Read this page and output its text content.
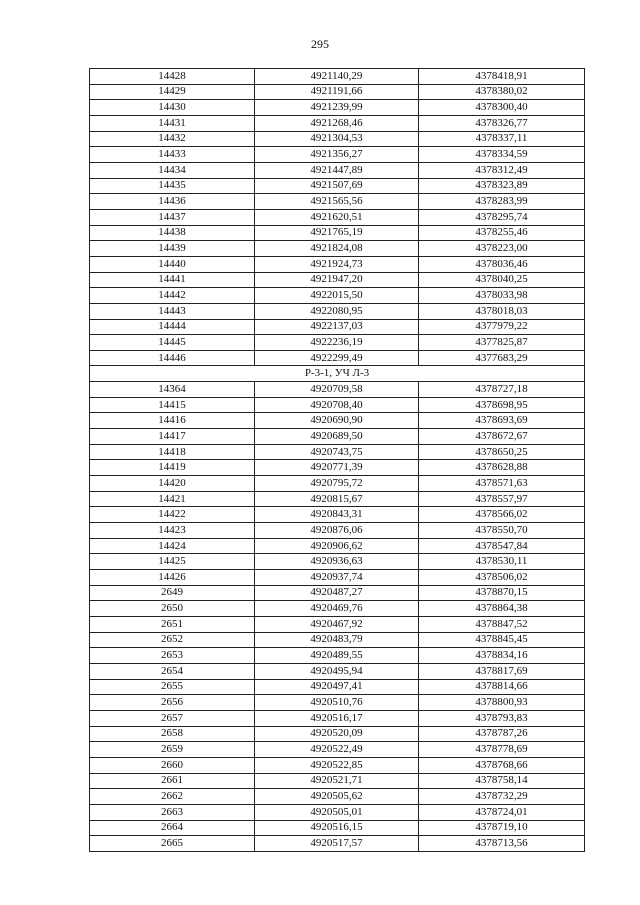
295
14428	4921140,29	4378418,91
14429	4921191,66	4378380,02
14430	4921239,99	4378300,40
14431	4921268,46	4378326,77
14432	4921304,53	4378337,11
14433	4921356,27	4378334,59
14434	4921447,89	4378312,49
14435	4921507,69	4378323,89
14436	4921565,56	4378283,99
14437	4921620,51	4378295,74
14438	4921765,19	4378255,46
14439	4921824,08	4378223,00
14440	4921924,73	4378036,46
14441	4921947,20	4378040,25
14442	4922015,50	4378033,98
14443	4922080,95	4378018,03
14444	4922137,03	4377979,22
14445	4922236,19	4377825,87
14446	4922299,49	4377683,29
Р-3-1, УЧ Л-3		
14364	4920709,58	4378727,18
14415	4920708,40	4378698,95
14416	4920690,90	4378693,69
14417	4920689,50	4378672,67
14418	4920743,75	4378650,25
14419	4920771,39	4378628,88
14420	4920795,72	4378571,63
14421	4920815,67	4378557,97
14422	4920843,31	4378566,02
14423	4920876,06	4378550,70
14424	4920906,62	4378547,84
14425	4920936,63	4378530,11
14426	4920937,74	4378506,02
2649	4920487,27	4378870,15
2650	4920469,76	4378864,38
2651	4920467,92	4378847,52
2652	4920483,79	4378845,45
2653	4920489,55	4378834,16
2654	4920495,94	4378817,69
2655	4920497,41	4378814,66
2656	4920510,76	4378800,93
2657	4920516,17	4378793,83
2658	4920520,09	4378787,26
2659	4920522,49	4378778,69
2660	4920522,85	4378768,66
2661	4920521,71	4378758,14
2662	4920505,62	4378732,29
2663	4920505,01	4378724,01
2664	4920516,15	4378719,10
2665	4920517,57	4378713,56
